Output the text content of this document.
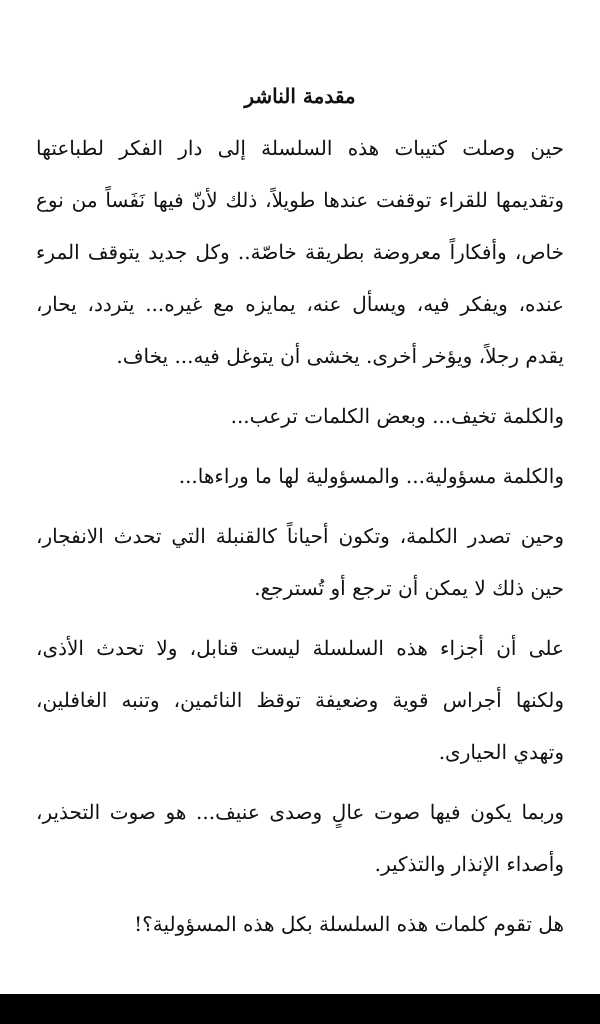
مقدمة الناشر

حين وصلت كتيبات هذه السلسلة إلى دار الفكر لطباعتها وتقديمها للقراء توقفت عندها طويلاً، ذلك لأنّ فيها نَفَساً من نوع خاص، وأفكاراً معروضة بطريقة خاصّة.. وكل جديد يتوقف المرء عنده، ويفكر فيه، ويسأل عنه، يمايزه مع غيره... يتردد، يحار، يقدم رجلاً، ويؤخر أخرى. يخشى أن يتوغل فيه... يخاف.

والكلمة تخيف... وبعض الكلمات ترعب...

والكلمة مسؤولية... والمسؤولية لها ما وراءها...

وحين تصدر الكلمة، وتكون أحياناً كالقنبلة التي تحدث الانفجار، حين ذلك لا يمكن أن ترجع أو تُسترجع.

على أن أجزاء هذه السلسلة ليست قنابل، ولا تحدث الأذى، ولكنها أجراس قوية وضعيفة توقظ النائمين، وتنبه الغافلين، وتهدي الحيارى.

وربما يكون فيها صوت عالٍ وصدى عنيف... هو صوت التحذير، وأصداء الإنذار والتذكير.

هل تقوم كلمات هذه السلسلة بكل هذه المسؤولية؟!
